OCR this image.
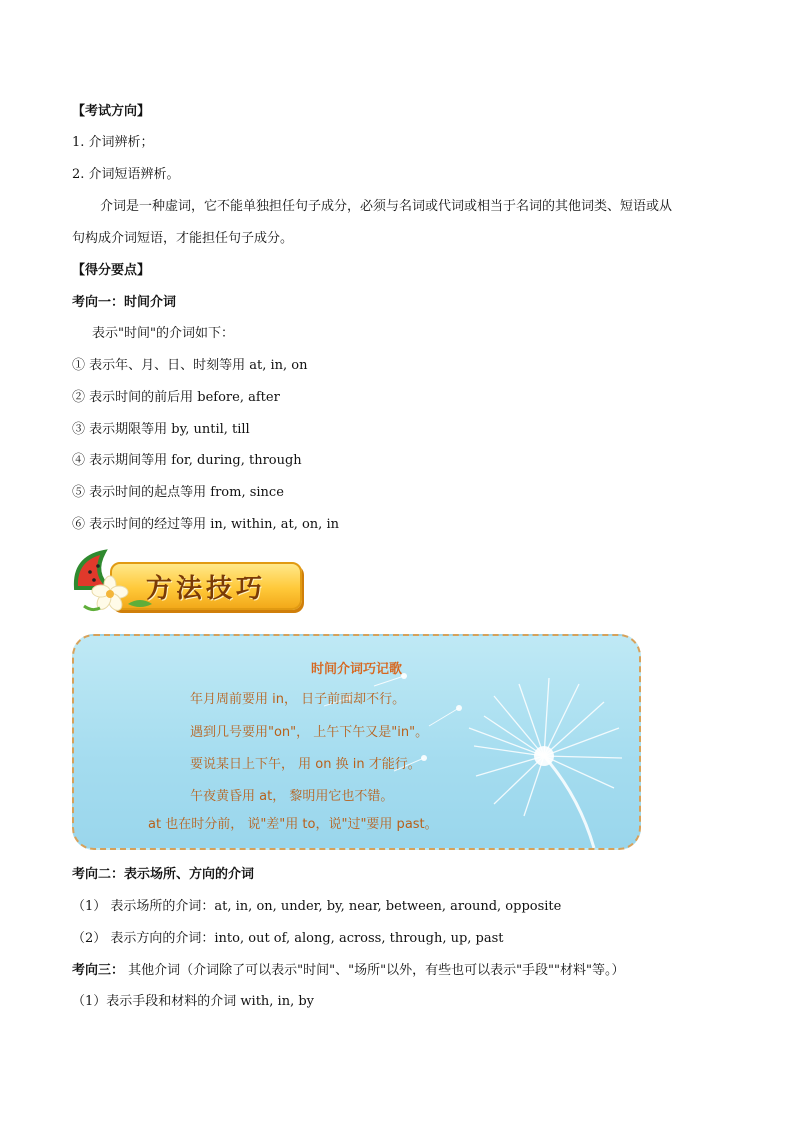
【考试方向】
1. 介词辨析；
2. 介词短语辨析。
介词是一种虚词，它不能单独担任句子成分，必须与名词或代词或相当于名词的其他词类、短语或从
句构成介词短语，才能担任句子成分。
【得分要点】
考向一：时间介词
表示"时间"的介词如下：
① 表示年、月、日、时刻等用 at, in, on
② 表示时间的前后用 before, after
③ 表示期限等用 by, until, till
④ 表示期间等用 for, during, through
⑤ 表示时间的起点等用 from, since
⑥ 表示时间的经过等用 in, within, at, on, in
方法技巧
时间介词巧记歌
年月周前要用 in， 日子前面却不行。
遇到几号要用"on"， 上午下午又是"in"。
要说某日上下午， 用 on 换 in 才能行。
午夜黄昏用 at， 黎明用它也不错。
at 也在时分前， 说"差"用 to，说"过"要用 past。
考向二：表示场所、方向的介词
（1） 表示场所的介词：at, in, on, under, by, near, between, around, opposite
（2） 表示方向的介词：into, out of, along, across, through, up, past
考向三： 其他介词（介词除了可以表示"时间"、"场所"以外，有些也可以表示"手段""材料"等。）
（1）表示手段和材料的介词 with, in, by
